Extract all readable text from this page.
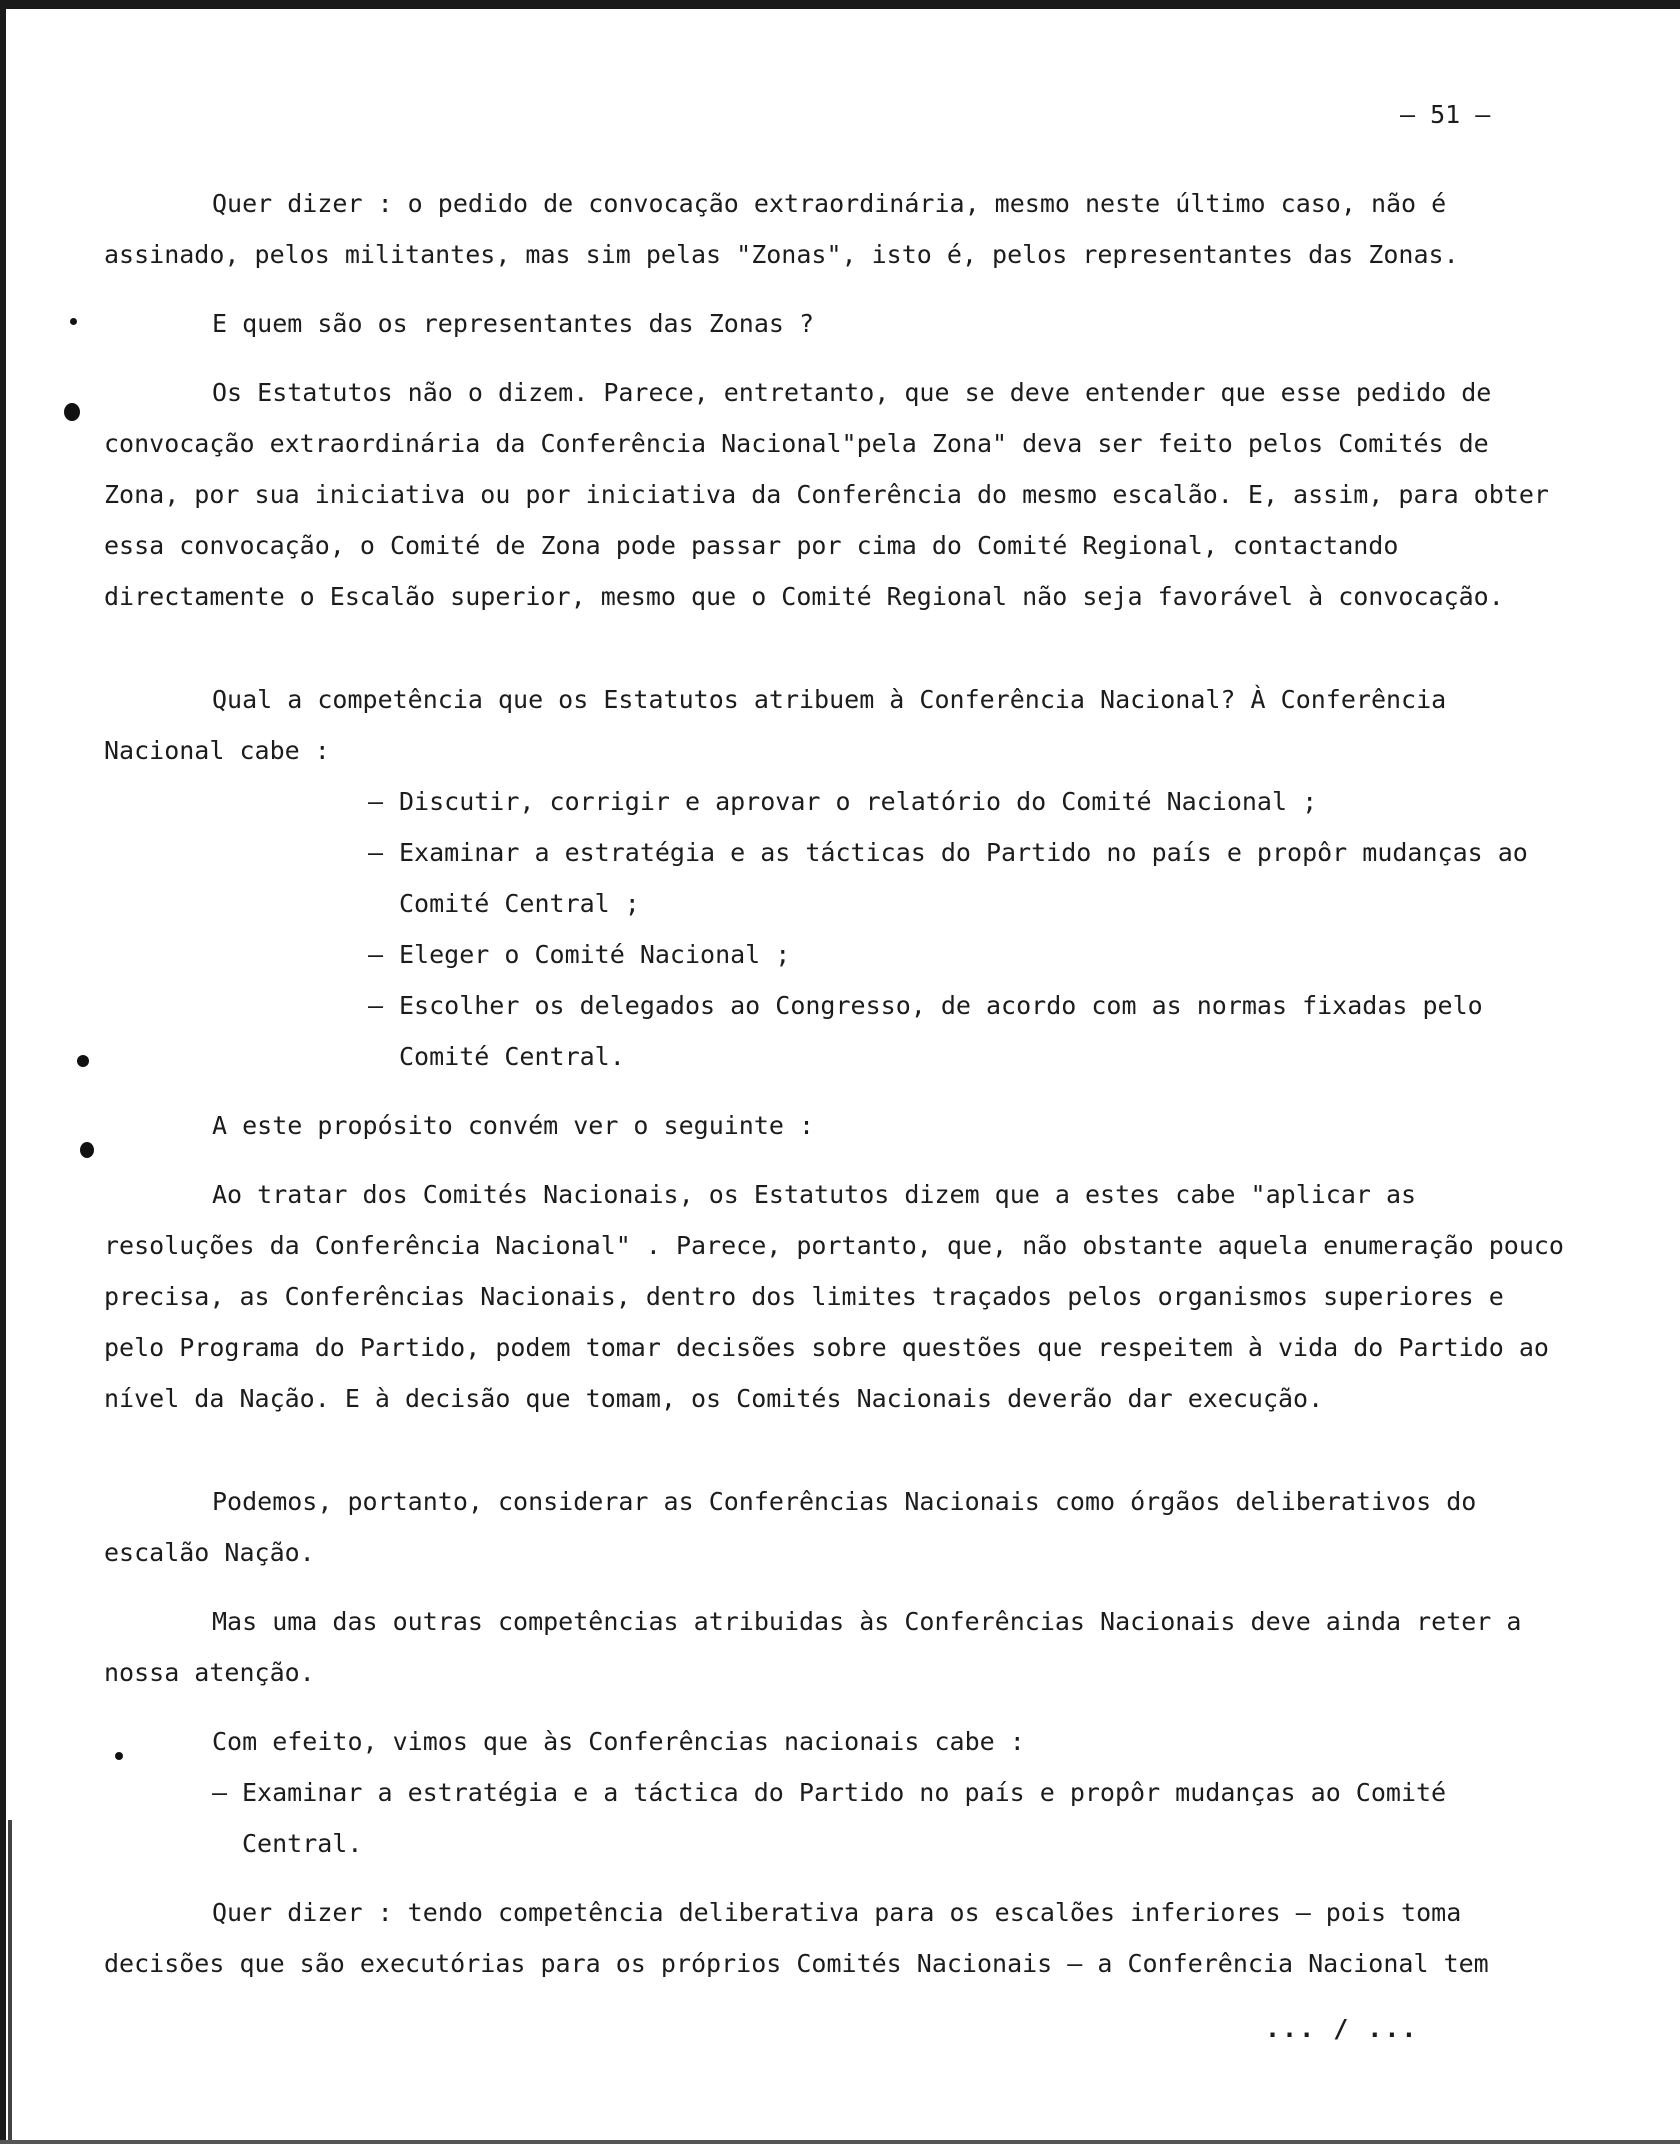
– 51 –

Quer dizer : o pedido de convocação extraordinária, mesmo neste último caso, não é assinado, pelos militantes, mas sim pelas "Zonas", isto é, pelos representantes das Zonas.

E quem são os representantes das Zonas ?

Os Estatutos não o dizem. Parece, entretanto, que se deve entender que esse pedido de convocação extraordinária da Conferência Nacional"pela Zona" deva ser feito pelos Comités de Zona, por sua iniciativa ou por iniciativa da Conferência do mesmo escalão. E, assim, para obter essa convocação, o Comité de Zona pode passar por cima do Comité Regional, contactando directamente o Escalão superior, mesmo que o Comité Regional não seja favorável à convocação.

Qual a competência que os Estatutos atribuem à Conferência Nacional? À Conferência Nacional cabe :

– Discutir, corrigir e aprovar o relatório do Comité Nacional ;
– Examinar a estratégia e as tácticas do Partido no país e propôr mudanças ao Comité Central ;
– Eleger o Comité Nacional ;
– Escolher os delegados ao Congresso, de acordo com as normas fixadas pelo Comité Central.

A este propósito convém ver o seguinte :

Ao tratar dos Comités Nacionais, os Estatutos dizem que a estes cabe "aplicar as resoluções da Conferência Nacional" . Parece, portanto, que, não obstante aquela enumeração pouco precisa, as Conferências Nacionais, dentro dos limites traçados pelos organismos superiores e pelo Programa do Partido, podem tomar decisões sobre questões que respeitem à vida do Partido ao nível da Nação. E à decisão que tomam, os Comités Nacionais deverão dar execução.

Podemos, portanto, considerar as Conferências Nacionais como órgãos deliberativos do escalão Nação.

Mas uma das outras competências atribuidas às Conferências Nacionais deve ainda reter a nossa atenção.

Com efeito, vimos que às Conferências nacionais cabe :

– Examinar a estratégia e a táctica do Partido no país e propôr mudanças ao Comité Central.

Quer dizer : tendo competência deliberativa para os escalões inferiores – pois toma decisões que são executórias para os próprios Comités Nacionais – a Conferência Nacional tem

... / ...
